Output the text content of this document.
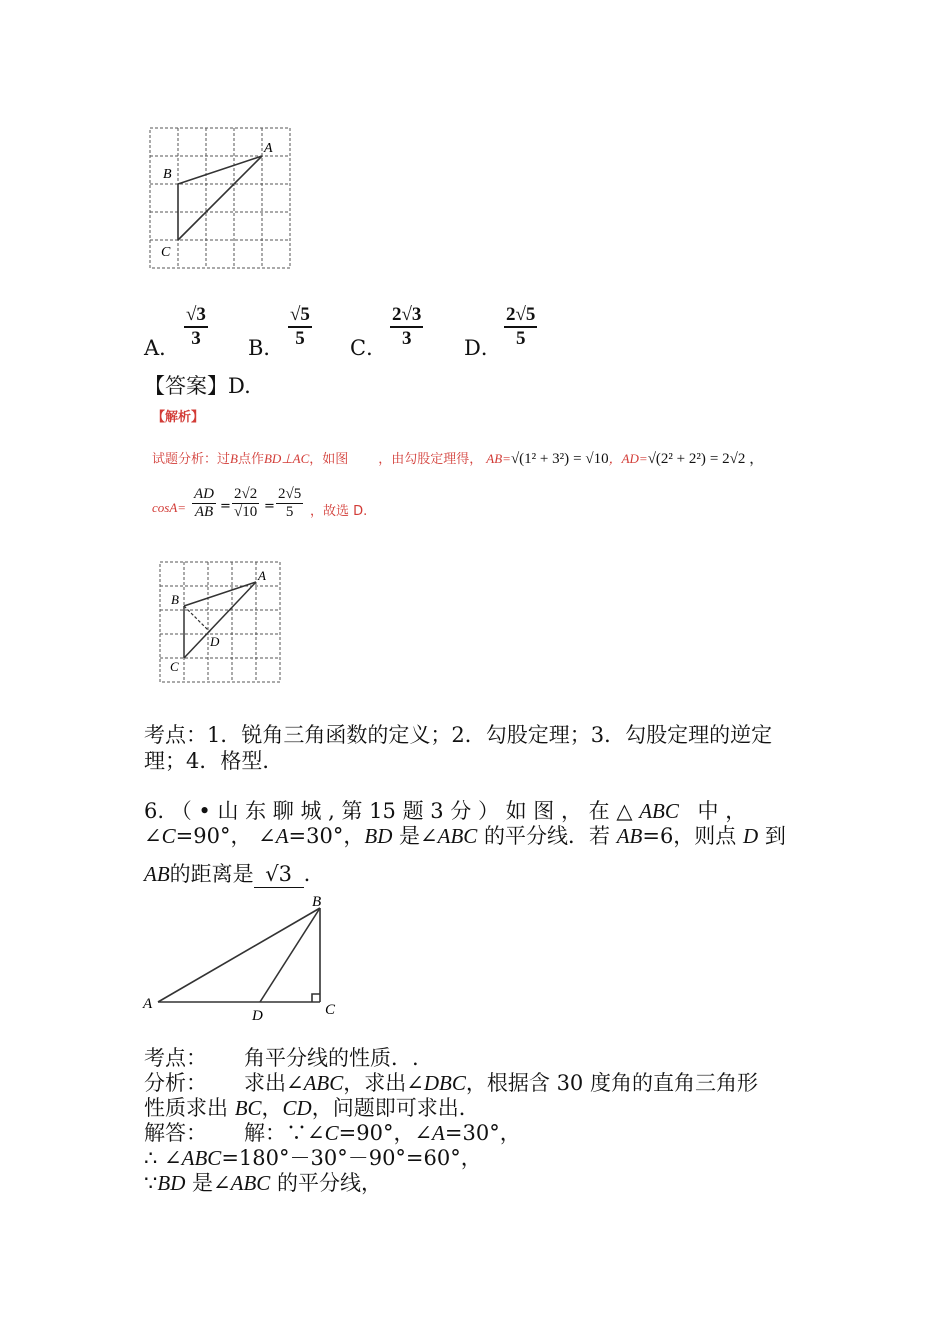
A
B
C
A． $\frac{√3}{3}$ B． $\frac{√5}{5}$ C． $\frac{2√3}{3}$ D． $\frac{2√5}{5}$
【答案】D.
【解析】
试题分析：过B点作BD⊥AC，如图 ，由勾股定理得， AB=√(1² + 3²) = √10，AD=√(2² + 2²) = 2√2 ，
$\cos A= \frac{AD}{AB} = \frac{2√2}{√10} = \frac{2√5}{5}$ ，故选 D.
A
B
C
D
考点：1．锐角三角函数的定义；2．勾股定理；3．勾股定理的逆定
理；4．格型．
6. （ • 山 东 聊 城 , 第 15 题 3 分 ） 如 图 ， 在 △ ABC 中 ，
∠C=90°， ∠A=30°，BD 是∠ABC 的平分线．若 AB=6，则点 D 到
AB的距离是 √3 .
B
A	C
D
考点： 角平分线的性质．.
分析： 求出∠ABC，求出∠DBC，根据含 30 度角的直角三角形
性质求出 BC，CD，问题即可求出．
解答： 解：∵∠C=90°，∠A=30°，
∴ ∠ABC=180°－30°－90°=60°，
∵BD 是∠ABC 的平分线，
